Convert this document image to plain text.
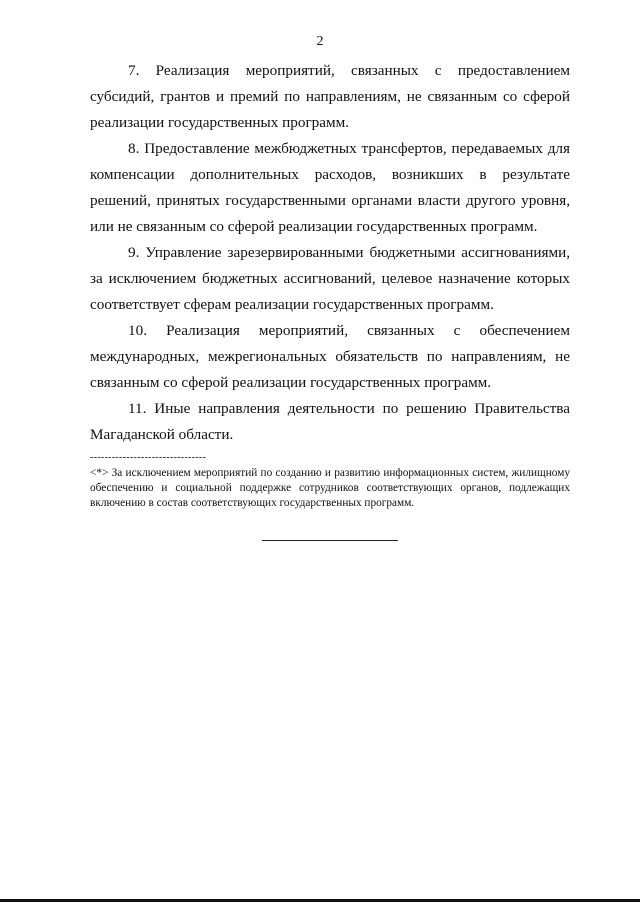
2

7. Реализация мероприятий, связанных с предоставлением субсидий, грантов и премий по направлениям, не связанным со сферой реализации государственных программ.

8. Предоставление межбюджетных трансфертов, передаваемых для компенсации дополнительных расходов, возникших в результате решений, принятых государственными органами власти другого уровня, или не связанным со сферой реализации государственных программ.

9. Управление зарезервированными бюджетными ассигнованиями, за исключением бюджетных ассигнований, целевое назначение которых соответствует сферам реализации государственных программ.

10. Реализация мероприятий, связанных с обеспечением международных, межрегиональных обязательств по направлениям, не связанным со сферой реализации государственных программ.

11. Иные направления деятельности по решению Правительства Магаданской области.

--------------------------------
<*> За исключением мероприятий по созданию и развитию информационных систем, жилищному обеспечению и социальной поддержке сотрудников соответствующих органов, подлежащих включению в состав соответствующих государственных программ.
